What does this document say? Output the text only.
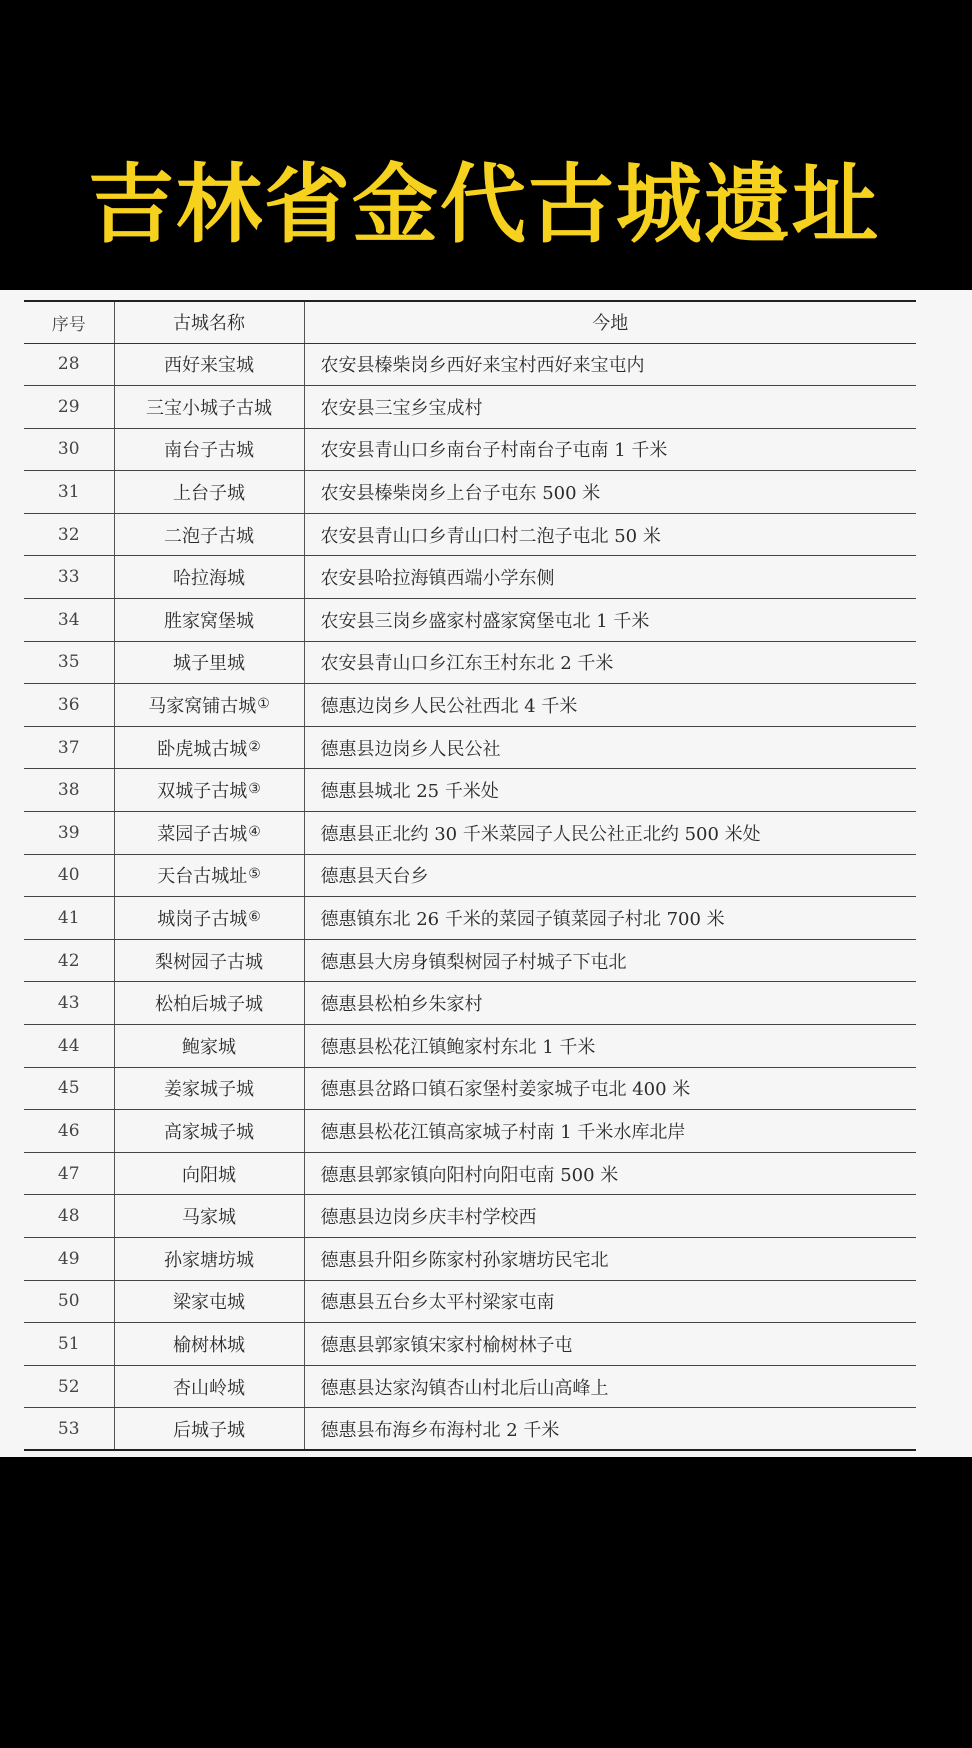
吉林省金代古城遗址
序号	古城名称	今地
28	西好来宝城	农安县榛柴岗乡西好来宝村西好来宝屯内
29	三宝小城子古城	农安县三宝乡宝成村
30	南台子古城	农安县青山口乡南台子村南台子屯南 1 千米
31	上台子城	农安县榛柴岗乡上台子屯东 500 米
32	二泡子古城	农安县青山口乡青山口村二泡子屯北 50 米
33	哈拉海城	农安县哈拉海镇西端小学东侧
34	胜家窝堡城	农安县三岗乡盛家村盛家窝堡屯北 1 千米
35	城子里城	农安县青山口乡江东王村东北 2 千米
36	马家窝铺古城①	德惠边岗乡人民公社西北 4 千米
37	卧虎城古城②	德惠县边岗乡人民公社
38	双城子古城③	德惠县城北 25 千米处
39	菜园子古城④	德惠县正北约 30 千米菜园子人民公社正北约 500 米处
40	天台古城址⑤	德惠县天台乡
41	城岗子古城⑥	德惠镇东北 26 千米的菜园子镇菜园子村北 700 米
42	梨树园子古城	德惠县大房身镇梨树园子村城子下屯北
43	松柏后城子城	德惠县松柏乡朱家村
44	鲍家城	德惠县松花江镇鲍家村东北 1 千米
45	姜家城子城	德惠县岔路口镇石家堡村姜家城子屯北 400 米
46	高家城子城	德惠县松花江镇高家城子村南 1 千米水库北岸
47	向阳城	德惠县郭家镇向阳村向阳屯南 500 米
48	马家城	德惠县边岗乡庆丰村学校西
49	孙家塘坊城	德惠县升阳乡陈家村孙家塘坊民宅北
50	梁家屯城	德惠县五台乡太平村梁家屯南
51	榆树林城	德惠县郭家镇宋家村榆树林子屯
52	杏山岭城	德惠县达家沟镇杏山村北后山高峰上
53	后城子城	德惠县布海乡布海村北 2 千米
